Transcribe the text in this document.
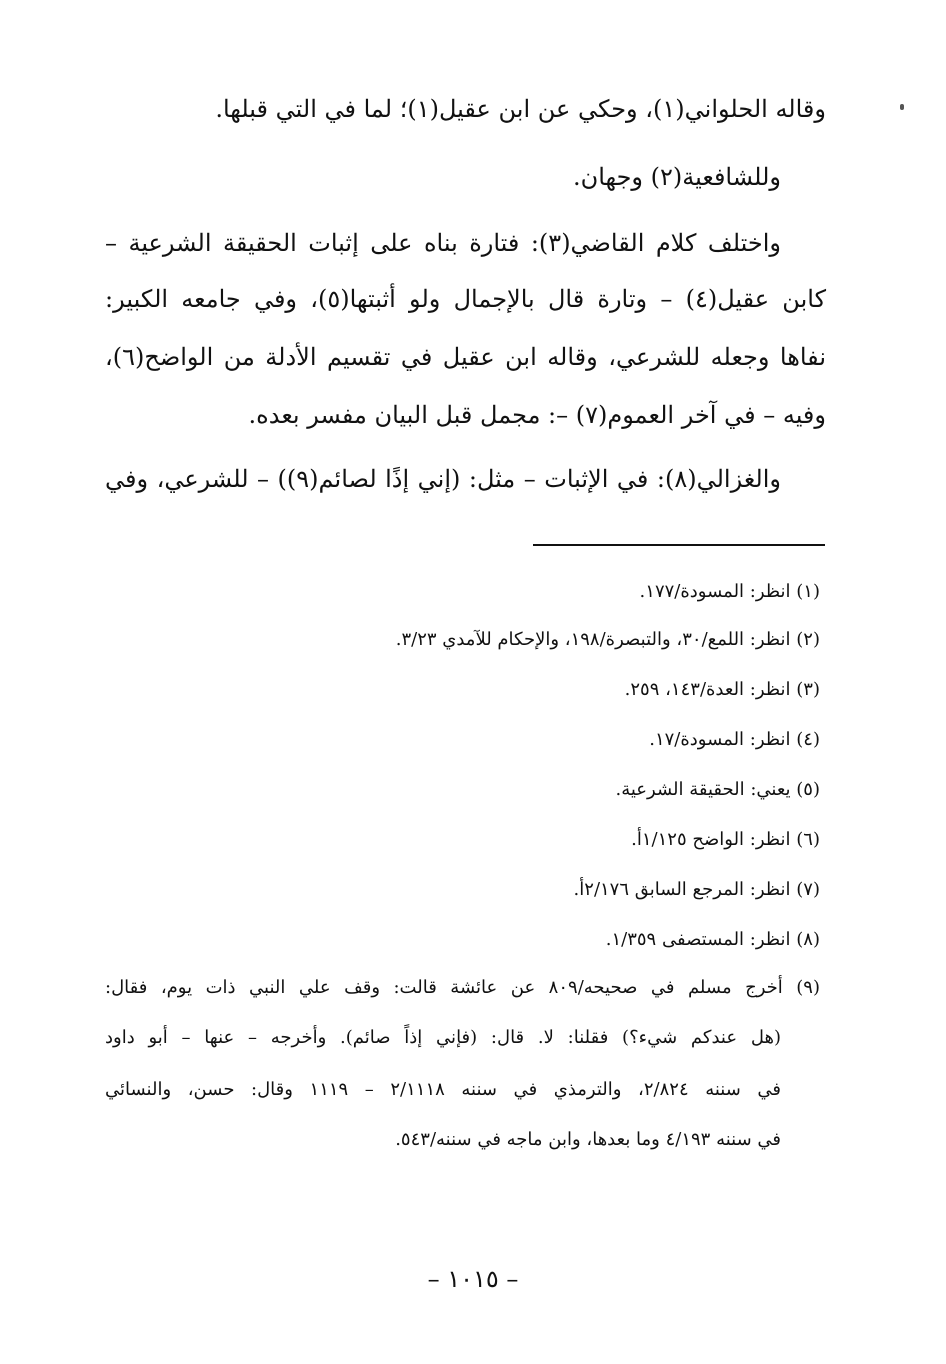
وقاله الحلواني(١)، وحكي عن ابن عقيل(١)؛ لما في التي قبلها.
وللشافعية(٢) وجهان.
واختلف كلام القاضي(٣): فتارة بناه على إثبات الحقيقة الشرعية –
كابن عقيل(٤) – وتارة قال بالإجمال ولو أثبتها(٥)، وفي جامعه الكبير:
نفاها وجعله للشرعي، وقاله ابن عقيل في تقسيم الأدلة من الواضح(٦)،
وفيه – في آخر العموم(٧) –: مجمل قبل البيان مفسر بعده.
والغزالي(٨): في الإثبات – مثل: (إني إذًا لصائم(٩)) – للشرعي، وفي
(١) انظر: المسودة/١٧٧.
(٢) انظر: اللمع/٣٠، والتبصرة/١٩٨، والإحكام للآمدي ٣/٢٣.
(٣) انظر: العدة/١٤٣، ٢٥٩.
(٤) انظر: المسودة/١٧.
(٥) يعني: الحقيقة الشرعية.
(٦) انظر: الواضح ١/١٢٥أ.
(٧) انظر: المرجع السابق ٢/١٧٦أ.
(٨) انظر: المستصفى ١/٣٥٩.
(٩) أخرج مسلم في صحيحه/٨٠٩ عن عائشة قالت: وقف علي النبي ذات يوم، فقال:
(هل عندكم شيء؟) فقلنا: لا. قال: (فإني إذاً صائم). وأخرجه – عنها – أبو داود
في سننه ٢/٨٢٤، والترمذي في سننه ٢/١١١٨ – ١١١٩ وقال: حسن، والنسائي
في سننه ٤/١٩٣ وما بعدها، وابن ماجه في سننه/٥٤٣.
– ١٠١٥ –
